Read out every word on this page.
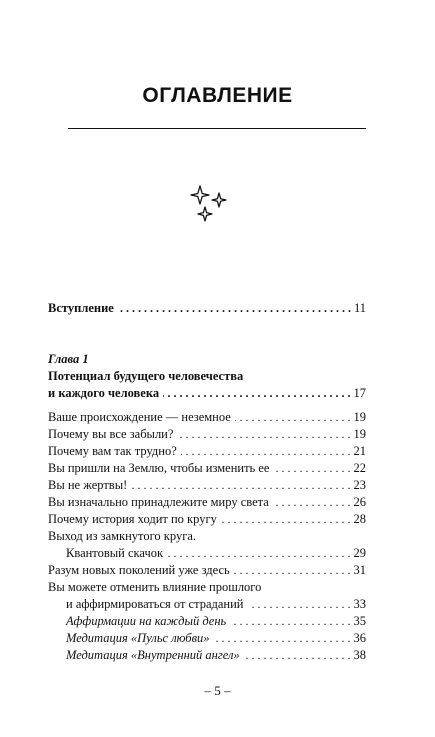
ОГЛАВЛЕНИЕ
Вступление . . .	11
Глава 1
Потенциал будущего человечества
и каждого человека . . .	17
Ваше происхождение — неземное . . .	19
Почему вы все забыли? . . .	19
Почему вам так трудно? . . .	21
Вы пришли на Землю, чтобы изменить ее . . .	22
Вы не жертвы! . . .	23
Вы изначально принадлежите миру света . . .	26
Почему история ходит по кругу . . .	28
Выход из замкнутого круга.
Квантовый скачок . . .	29
Разум новых поколений уже здесь . . .	31
Вы можете отменить влияние прошлого
и аффирмироваться от страданий . . .	33
Аффирмации на каждый день . . .	35
Медитация «Пульс любви» . . .	36
Медитация «Внутренний ангел» . . .	38
– 5 –
